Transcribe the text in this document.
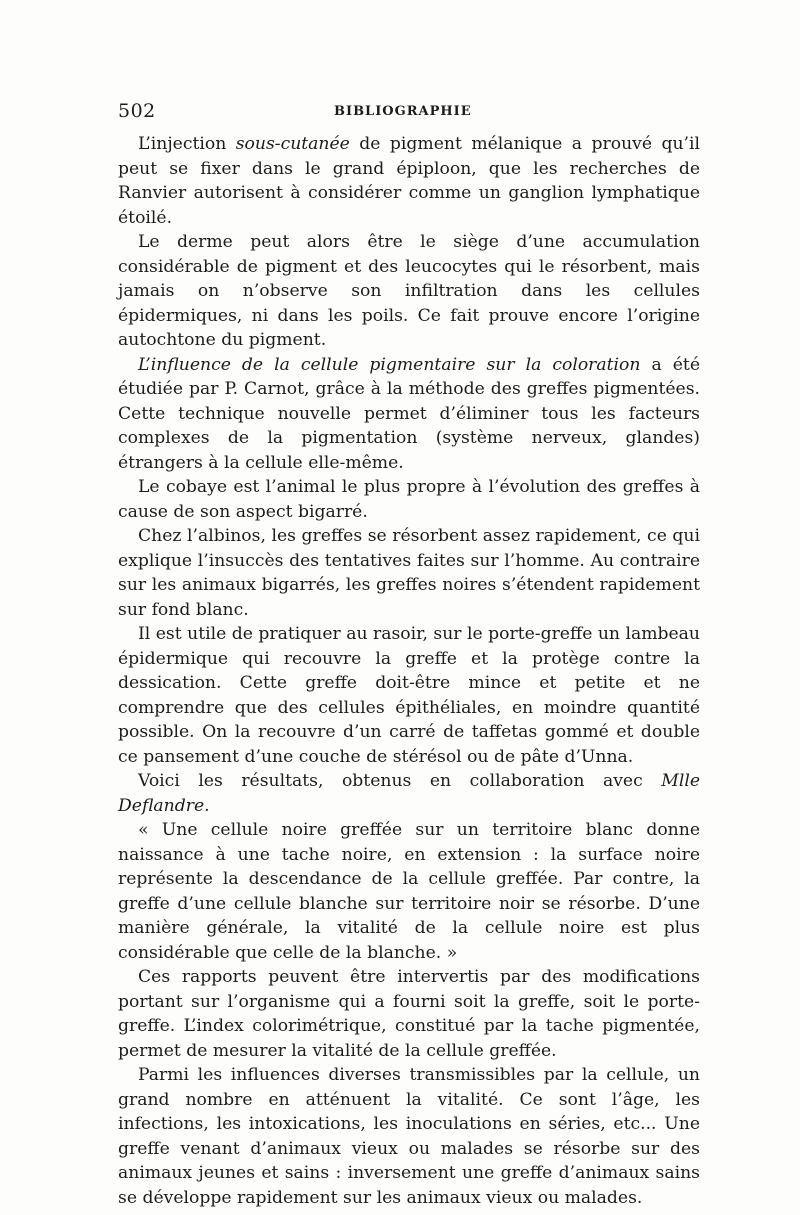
502	BIBLIOGRAPHIE

L’injection sous-cutanée de pigment mélanique a prouvé qu’il peut se fixer dans le grand épiploon, que les recherches de Ranvier autorisent à considérer comme un ganglion lymphatique étoilé.

Le derme peut alors être le siège d’une accumulation considérable de pigment et des leucocytes qui le résorbent, mais jamais on n’observe son infiltration dans les cellules épidermiques, ni dans les poils. Ce fait prouve encore l’origine autochtone du pigment.

L’influence de la cellule pigmentaire sur la coloration a été étudiée par P. Carnot, grâce à la méthode des greffes pigmentées. Cette technique nouvelle permet d’éliminer tous les facteurs complexes de la pigmentation (système nerveux, glandes) étrangers à la cellule elle-même.

Le cobaye est l’animal le plus propre à l’évolution des greffes à cause de son aspect bigarré.

Chez l’albinos, les greffes se résorbent assez rapidement, ce qui explique l’insuccès des tentatives faites sur l’homme. Au contraire sur les animaux bigarrés, les greffes noires s’étendent rapidement sur fond blanc.

Il est utile de pratiquer au rasoir, sur le porte-greffe un lambeau épidermique qui recouvre la greffe et la protège contre la dessication. Cette greffe doit-être mince et petite et ne comprendre que des cellules épithéliales, en moindre quantité possible. On la recouvre d’un carré de taffetas gommé et double ce pansement d’une couche de stérésol ou de pâte d’Unna.

Voici les résultats, obtenus en collaboration avec Mlle Deflandre.

« Une cellule noire greffée sur un territoire blanc donne naissance à une tache noire, en extension : la surface noire représente la descendance de la cellule greffée. Par contre, la greffe d’une cellule blanche sur territoire noir se résorbe. D’une manière générale, la vitalité de la cellule noire est plus considérable que celle de la blanche. »

Ces rapports peuvent être intervertis par des modifications portant sur l’organisme qui a fourni soit la greffe, soit le porte-greffe. L’index colorimétrique, constitué par la tache pigmentée, permet de mesurer la vitalité de la cellule greffée.

Parmi les influences diverses transmissibles par la cellule, un grand nombre en atténuent la vitalité. Ce sont l’âge, les infections, les intoxications, les inoculations en séries, etc... Une greffe venant d’animaux vieux ou malades se résorbe sur des animaux jeunes et sains : inversement une greffe d’animaux sains se développe rapidement sur les animaux vieux ou malades.
